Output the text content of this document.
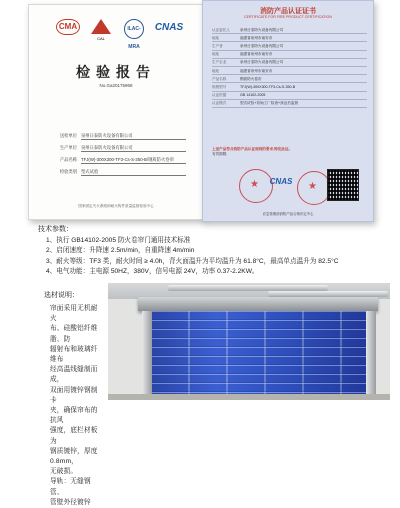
CMA
CAL
ILAC-MRA
CNAS
检验报告
No.Ga20175968
送检单位 泉州日泰防火设备有限公司
生产单位 泉州日泰防火设备有限公司
产品名称 TFJ(W)-300X300-TF3-Cs-S-350-B/钢质防火卷帘
检验类别 型式试验
国家固定灭火系统和耐火构件质量监督检验中心
消防产品认证证书
CERTIFICATE FOR FIRE PRODUCT CERTIFICATION
认证委托人	泉州日泰防火设备有限公司
地址	福建省泉州市南安市
生产者	泉州日泰防火设备有限公司
地址	福建省泉州市南安市
生产企业	泉州日泰防火设备有限公司
地址	福建省泉州市南安市
产品名称	钢质防火卷帘
规格型号	TFJ(W)-300X300-TF3-Cs-S-350-B
认证依据	GB 14102-2005
认证模式	型式试验+初始工厂检查+获证后监督
上述产品符合消防产品认证规则的要求,特发此证。
有效期限:
★
CNAS
★
应急管理部消防产品合格评定中心
技术参数：
1、执行 GB14102-2005 防火卷帘门通用技术标准
2、启闭速度：升降速 2.5m/min，自重降速 4m/min
3、耐火等级：TF3 类，耐火时间 ≥ 4.0h，背火面温升为平均温升为 61.8°C，最高单点温升为 82.5°C
4、电气功能：主电源 50HZ，380V，信号电源 24V，功率 0.37-2.2KW。
选材说明：
帘面采用无机耐火
布、硅酸铝纤维脂、防
辐射布和玻璃纤维布
经高温线缝制而成，
双面用镀锌钢制卡
夹，确保帘布的抗风
强度，底栏材板为
钢质镀锌，厚度0.8mm，
无破损。
导轨：无缝钢管、
管壁外径镀锌
